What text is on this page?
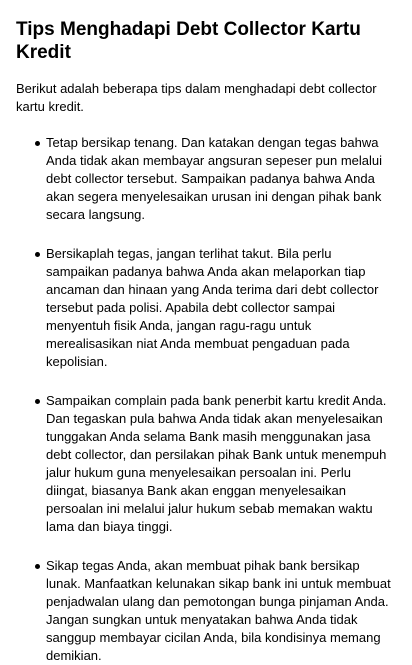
Tips Menghadapi Debt Collector Kartu Kredit

Berikut adalah beberapa tips dalam menghadapi debt collector kartu kredit.

Tetap bersikap tenang. Dan katakan dengan tegas bahwa Anda tidak akan membayar angsuran sepeser pun melalui debt collector tersebut. Sampaikan padanya bahwa Anda akan segera menyelesaikan urusan ini dengan pihak bank secara langsung.
Bersikaplah tegas, jangan terlihat takut. Bila perlu sampaikan padanya bahwa Anda akan melaporkan tiap ancaman dan hinaan yang Anda terima dari debt collector tersebut pada polisi. Apabila debt collector sampai menyentuh fisik Anda, jangan ragu-ragu untuk merealisasikan niat Anda membuat pengaduan pada kepolisian.
Sampaikan complain pada bank penerbit kartu kredit Anda. Dan tegaskan pula bahwa Anda tidak akan menyelesaikan tunggakan Anda selama Bank masih menggunakan jasa debt collector, dan persilakan pihak Bank untuk menempuh jalur hukum guna menyelesaikan persoalan ini. Perlu diingat, biasanya Bank akan enggan menyelesaikan persoalan ini melalui jalur hukum sebab memakan waktu lama dan biaya tinggi.
Sikap tegas Anda, akan membuat pihak bank bersikap lunak. Manfaatkan kelunakan sikap bank ini untuk membuat penjadwalan ulang dan pemotongan bunga pinjaman Anda. Jangan sungkan untuk menyatakan bahwa Anda tidak sanggup membayar cicilan Anda, bila kondisinya memang demikian.
